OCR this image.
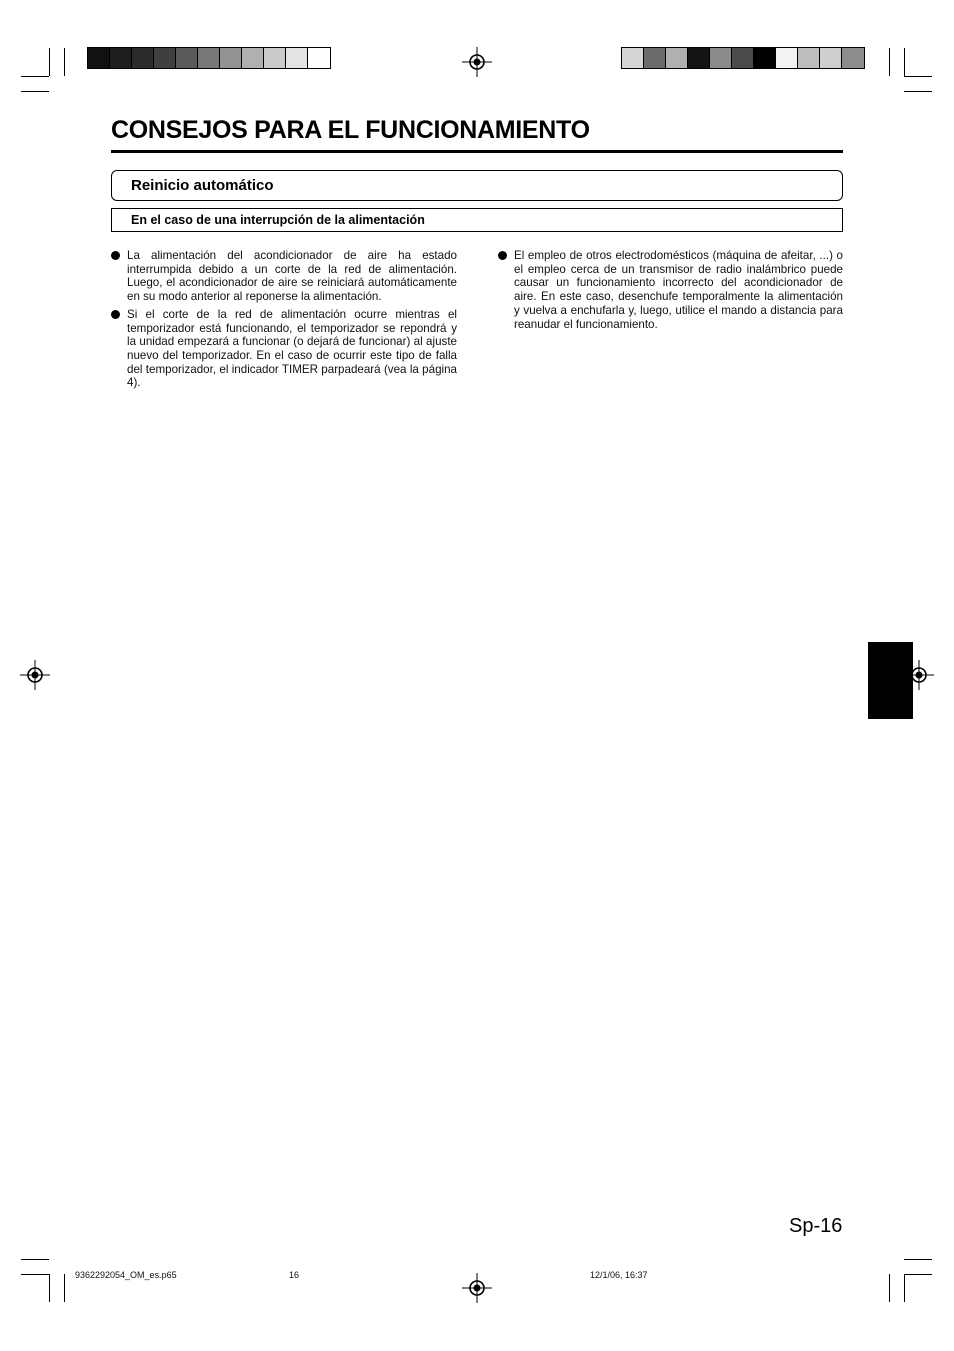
CONSEJOS PARA EL FUNCIONAMIENTO
Reinicio automático
En el caso de una interrupción de la alimentación
La alimentación del acondicionador de aire ha estado interrumpida debido a un corte de la red de alimentación. Luego, el acondicionador de aire se reiniciará automáticamente en su modo anterior al reponerse la alimentación.
Si el corte de la red de alimentación ocurre mientras el temporizador está funcionando, el temporizador se repondrá y la unidad empezará a funcionar (o dejará de funcionar) al ajuste nuevo del temporizador. En el caso de ocurrir este tipo de falla del temporizador, el indicador TIMER parpadeará (vea la página 4).
El empleo de otros electrodomésticos (máquina de afeitar, ...) o el empleo cerca de un transmisor de radio inalámbrico puede causar un funcionamiento incorrecto del acondicionador de aire. En este caso, desenchufe temporalmente la alimentación y vuelva a enchufarla y, luego, utilice el mando a distancia para reanudar el funcionamiento.
Sp-16
9362292054_OM_es.p65	16	12/1/06, 16:37
